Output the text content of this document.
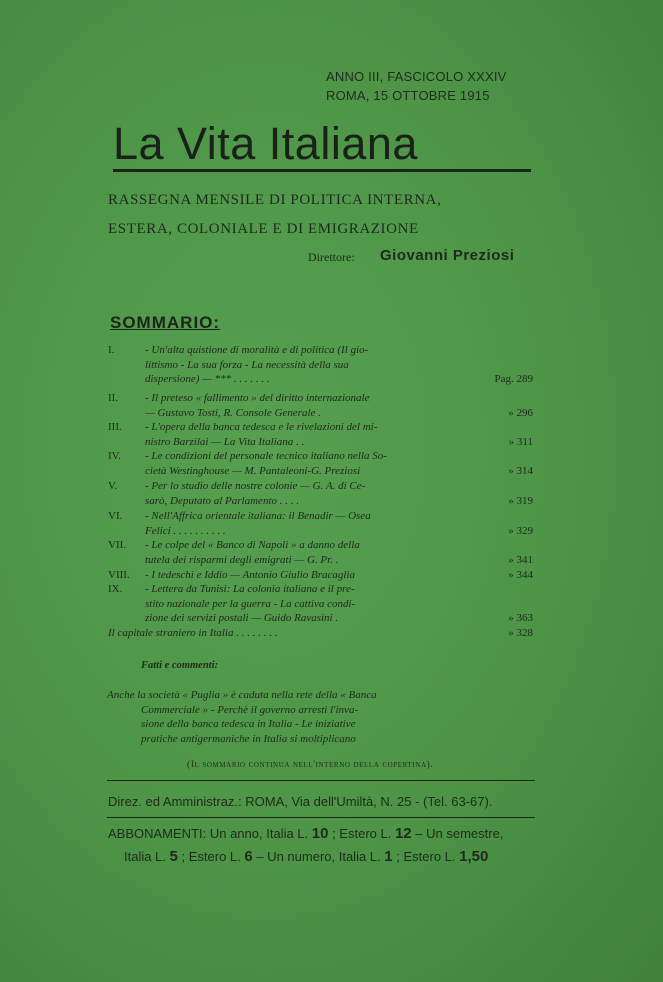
ANNO III, FASCICOLO XXXIV
ROMA, 15 OTTOBRE 1915
La Vita Italiana
RASSEGNA MENSILE DI POLITICA INTERNA,
ESTERA, COLONIALE E DI EMIGRAZIONE
Direttore: Giovanni Preziosi
SOMMARIO:
I.	- Un'alta quistione di moralità e di politica (Il gio-
littismo - La sua forza - La necessità della sua
dispersione) — *** . . . . . . .	Pag. 289
II. - Il preteso « fallimento » del diritto internazionale
— Gustavo Tosti, R. Console Generale .	» 296
III. - L'opera della banca tedesca e le rivelazioni del mi-
nistro Barzilai — La Vita Italiana . .	» 311
IV. - Le condizioni del personale tecnico italiano nella So-
cietà Westinghouse — M. Pantaleoni-G. Preziosi	» 314
V.	- Per lo studio delle nostre colonie — G. A. di Ce-
sarò, Deputato al Parlamento . . . .	» 319
VI. - Nell'Affrica orientale italiana: il Benadir — Osea
Felici . . . . . . . . . .	» 329
VII. - Le colpe del « Banco di Napoli » a danno della
tutela dei risparmi degli emigrati — G. Pr. .	» 341
VIII. - I tedeschi e Iddio — Antonio Giulio Bracaglia	» 344
IX. - Lettera da Tunisi: La colonia italiana e il pre-
stito nazionale per la guerra - La cattiva condi-
zione dei servizi postali — Guido Ravasini .	» 363
Il capitale straniero in Italia . . . . . . . .	» 328
Fatti e commenti:
Anche la società « Puglia » è caduta nella rete della « Banca
Commerciale » - Perchè il governo arresti l'inva-
sione della banca tedesca in Italia - Le iniziative
pratiche antigermaniche in Italia si moltiplicano
(Il sommario continua nell'interno della copertina).
Direz. ed Amministraz.: ROMA, Via dell'Umiltà, N. 25 - (Tel. 63-67).
ABBONAMENTI: Un anno, Italia L. 10 ; Estero L. 12 – Un semestre,
Italia L. 5 ; Estero L. 6 – Un numero, Italia L. 1 ; Estero L. 1,50
